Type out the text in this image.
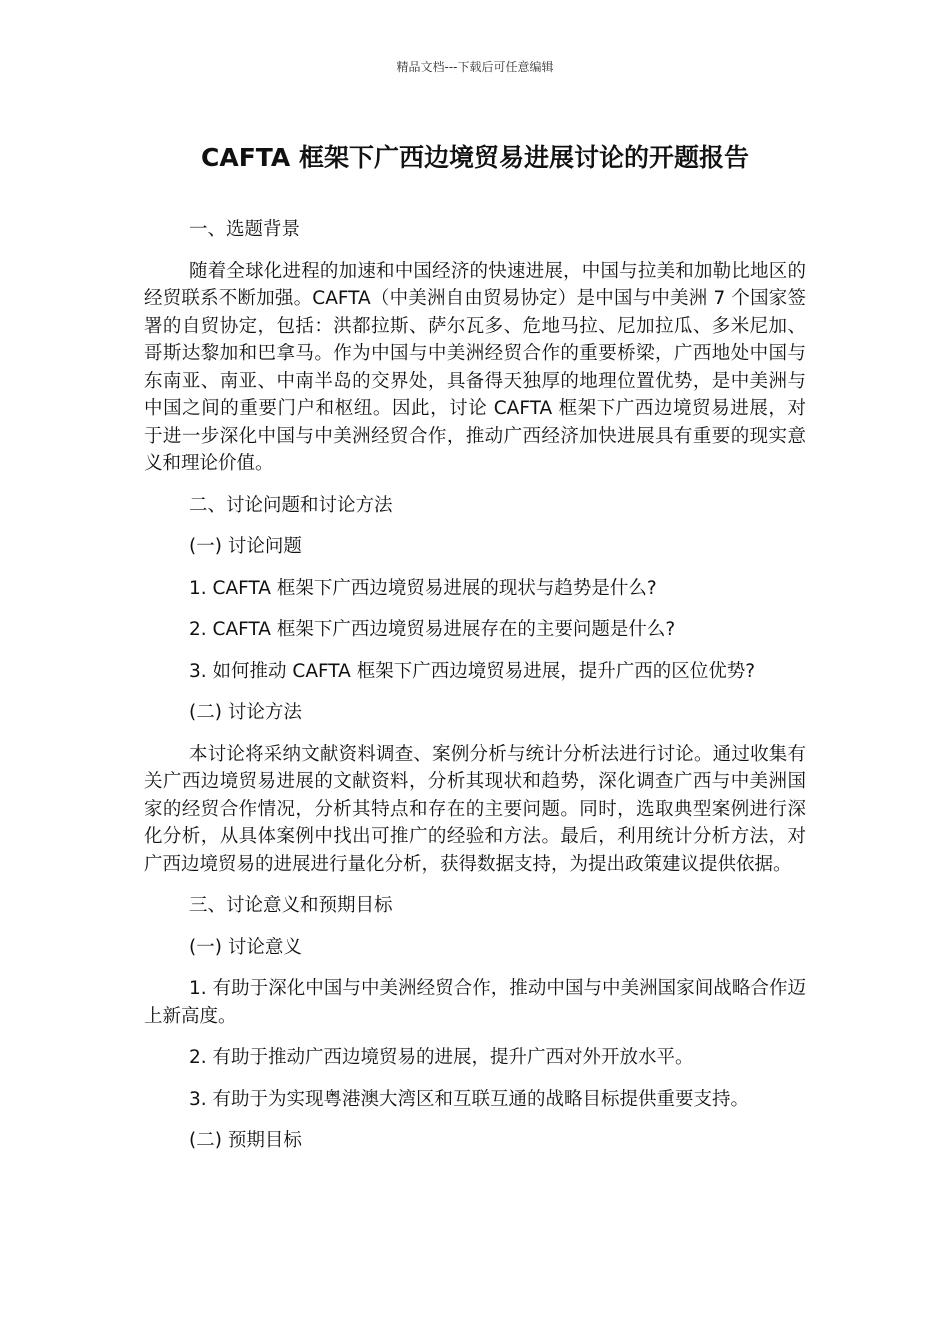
精品文档---下载后可任意编辑
CAFTA 框架下广西边境贸易进展讨论的开题报告

一、选题背景

随着全球化进程的加速和中国经济的快速进展，中国与拉美和加勒比地区的经贸联系不断加强。CAFTA（中美洲自由贸易协定）是中国与中美洲 7 个国家签署的自贸协定，包括：洪都拉斯、萨尔瓦多、危地马拉、尼加拉瓜、多米尼加、哥斯达黎加和巴拿马。作为中国与中美洲经贸合作的重要桥梁，广西地处中国与东南亚、南亚、中南半岛的交界处，具备得天独厚的地理位置优势，是中美洲与中国之间的重要门户和枢纽。因此，讨论 CAFTA 框架下广西边境贸易进展，对于进一步深化中国与中美洲经贸合作，推动广西经济加快进展具有重要的现实意义和理论价值。

二、讨论问题和讨论方法

(一) 讨论问题

1. CAFTA 框架下广西边境贸易进展的现状与趋势是什么?

2. CAFTA 框架下广西边境贸易进展存在的主要问题是什么?

3. 如何推动 CAFTA 框架下广西边境贸易进展，提升广西的区位优势?

(二) 讨论方法

本讨论将采纳文献资料调查、案例分析与统计分析法进行讨论。通过收集有关广西边境贸易进展的文献资料，分析其现状和趋势，深化调查广西与中美洲国家的经贸合作情况，分析其特点和存在的主要问题。同时，选取典型案例进行深化分析，从具体案例中找出可推广的经验和方法。最后，利用统计分析方法，对广西边境贸易的进展进行量化分析，获得数据支持，为提出政策建议提供依据。

三、讨论意义和预期目标

(一) 讨论意义

1. 有助于深化中国与中美洲经贸合作，推动中国与中美洲国家间战略合作迈上新高度。

2. 有助于推动广西边境贸易的进展，提升广西对外开放水平。

3. 有助于为实现粤港澳大湾区和互联互通的战略目标提供重要支持。

(二) 预期目标
